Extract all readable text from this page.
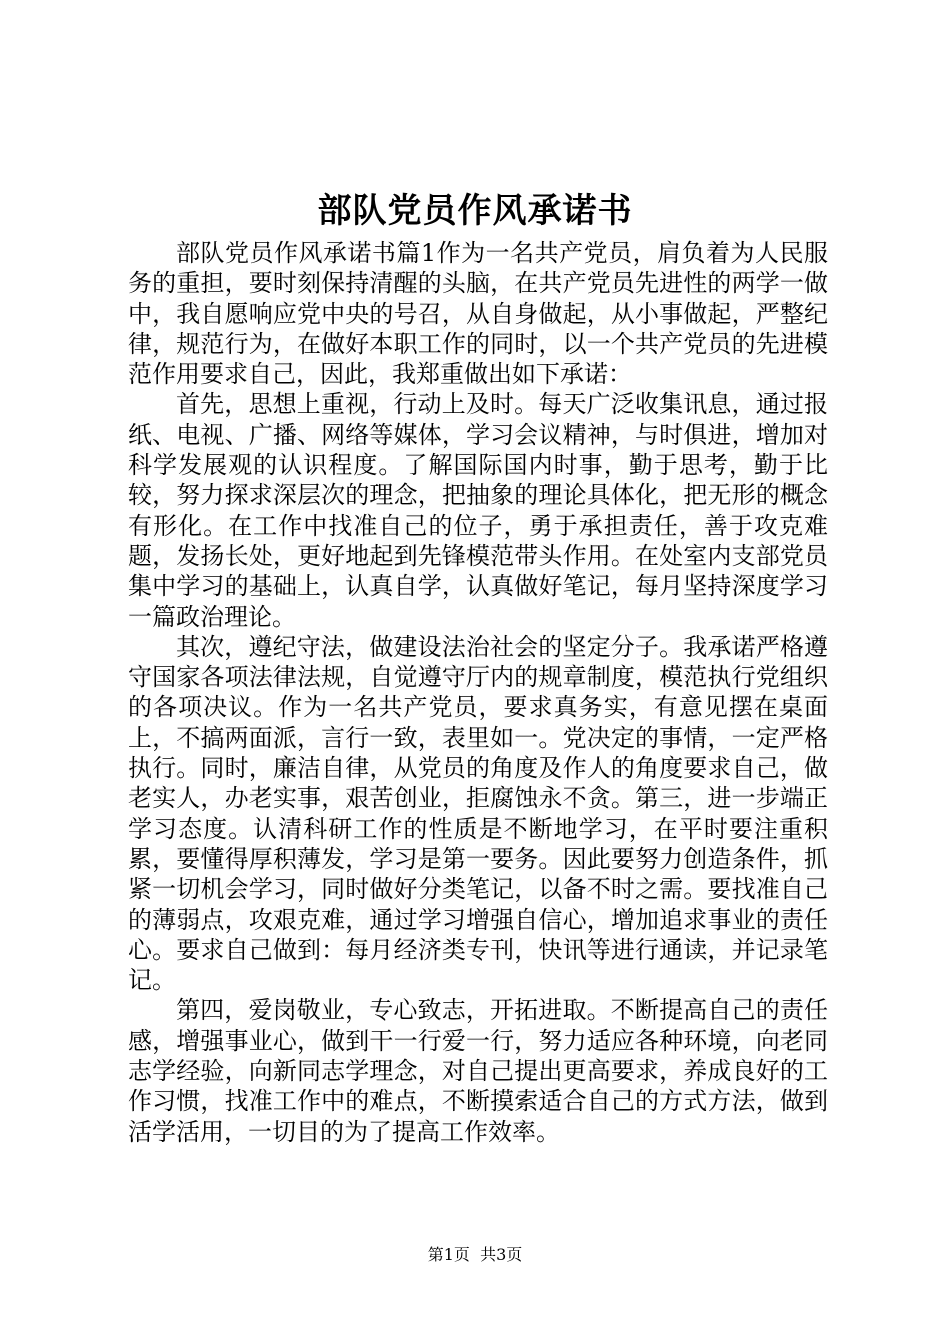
部队党员作风承诺书

部队党员作风承诺书篇1作为一名共产党员，肩负着为人民服务的重担，要时刻保持清醒的头脑，在共产党员先进性的两学一做中，我自愿响应党中央的号召，从自身做起，从小事做起，严整纪律，规范行为，在做好本职工作的同时，以一个共产党员的先进模范作用要求自己，因此，我郑重做出如下承诺：

首先，思想上重视，行动上及时。每天广泛收集讯息，通过报纸、电视、广播、网络等媒体，学习会议精神，与时俱进，增加对科学发展观的认识程度。了解国际国内时事，勤于思考，勤于比较，努力探求深层次的理念，把抽象的理论具体化，把无形的概念有形化。在工作中找准自己的位子，勇于承担责任，善于攻克难题，发扬长处，更好地起到先锋模范带头作用。在处室内支部党员集中学习的基础上，认真自学，认真做好笔记，每月坚持深度学习一篇政治理论。

其次，遵纪守法，做建设法治社会的坚定分子。我承诺严格遵守国家各项法律法规，自觉遵守厅内的规章制度，模范执行党组织的各项决议。作为一名共产党员，要求真务实，有意见摆在桌面上，不搞两面派，言行一致，表里如一。党决定的事情，一定严格执行。同时，廉洁自律，从党员的角度及作人的角度要求自己，做老实人，办老实事，艰苦创业，拒腐蚀永不贪。第三，进一步端正学习态度。认清科研工作的性质是不断地学习，在平时要注重积累，要懂得厚积薄发，学习是第一要务。因此要努力创造条件，抓紧一切机会学习，同时做好分类笔记，以备不时之需。要找准自己的薄弱点，攻艰克难，通过学习增强自信心，增加追求事业的责任心。要求自己做到：每月经济类专刊，快讯等进行通读，并记录笔记。

第四，爱岗敬业，专心致志，开拓进取。不断提高自己的责任感，增强事业心，做到干一行爱一行，努力适应各种环境，向老同志学经验，向新同志学理念，对自己提出更高要求，养成良好的工作习惯，找准工作中的难点，不断摸索适合自己的方式方法，做到活学活用，一切目的为了提高工作效率。

第1页 共3页
